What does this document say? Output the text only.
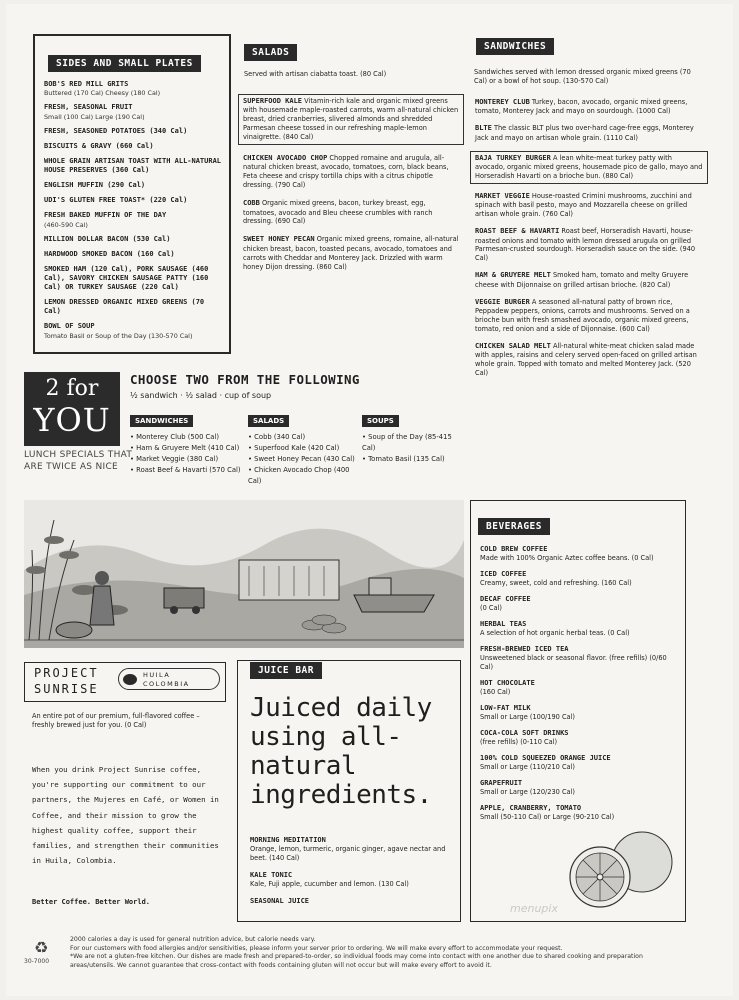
SIDES AND SMALL PLATES
BOB'S RED MILL GRITS
Buttered (170 Cal) Cheesy (180 Cal)
FRESH, SEASONAL FRUIT
Small (100 Cal) Large (190 Cal)
FRESH, SEASONED POTATOES (340 Cal)
BISCUITS & GRAVY (660 Cal)
WHOLE GRAIN ARTISAN TOAST WITH ALL-NATURAL HOUSE PRESERVES (360 Cal)
ENGLISH MUFFIN (290 Cal)
UDI'S GLUTEN FREE TOAST* (220 Cal)
FRESH BAKED MUFFIN OF THE DAY
(460-590 Cal)
MILLION DOLLAR BACON (530 Cal)
HARDWOOD SMOKED BACON (160 Cal)
SMOKED HAM (120 Cal), PORK SAUSAGE (460 Cal), SAVORY CHICKEN SAUSAGE PATTY (160 Cal) OR TURKEY SAUSAGE (220 Cal)
LEMON DRESSED ORGANIC MIXED GREENS (70 Cal)
BOWL OF SOUP
Tomato Basil or Soup of the Day (130-570 Cal)
SALADS
Served with artisan ciabatta toast. (80 Cal)
SUPERFOOD KALE Vitamin-rich kale and organic mixed greens with housemade maple-roasted carrots, warm all-natural chicken breast, dried cranberries, slivered almonds and shredded Parmesan cheese tossed in our refreshing maple-lemon vinaigrette. (840 Cal)
CHICKEN AVOCADO CHOP Chopped romaine and arugula, all-natural chicken breast, avocado, tomatoes, corn, black beans, Feta cheese and crispy tortilla chips with a citrus chipotle dressing. (790 Cal)
COBB Organic mixed greens, bacon, turkey breast, egg, tomatoes, avocado and Bleu cheese crumbles with ranch dressing. (690 Cal)
SWEET HONEY PECAN Organic mixed greens, romaine, all-natural chicken breast, bacon, toasted pecans, avocado, tomatoes and carrots with Cheddar and Monterey Jack. Drizzled with warm honey Dijon dressing. (860 Cal)
SANDWICHES
Sandwiches served with lemon dressed organic mixed greens (70 Cal) or a bowl of hot soup. (130-570 Cal)
MONTEREY CLUB Turkey, bacon, avocado, organic mixed greens, tomato, Monterey Jack and mayo on sourdough. (1000 Cal)
BLTE The classic BLT plus two over-hard cage-free eggs, Monterey Jack and mayo on artisan whole grain. (1110 Cal)
BAJA TURKEY BURGER A lean white-meat turkey patty with avocado, organic mixed greens, housemade pico de gallo, mayo and Horseradish Havarti on a brioche bun. (880 Cal)
MARKET VEGGIE House-roasted Crimini mushrooms, zucchini and spinach with basil pesto, mayo and Mozzarella cheese on grilled artisan whole grain. (760 Cal)
ROAST BEEF & HAVARTI Roast beef, Horseradish Havarti, house-roasted onions and tomato with lemon dressed arugula on grilled Parmesan-crusted sourdough. Horseradish sauce on the side. (940 Cal)
HAM & GRUYERE MELT Smoked ham, tomato and melty Gruyere cheese with Dijonnaise on grilled artisan brioche. (820 Cal)
VEGGIE BURGER A seasoned all-natural patty of brown rice, Peppadew peppers, onions, carrots and mushrooms. Served on a brioche bun with fresh smashed avocado, organic mixed greens, tomato, red onion and a side of Dijonnaise. (600 Cal)
CHICKEN SALAD MELT All-natural white-meat chicken salad made with apples, raisins and celery served open-faced on grilled artisan whole grain. Topped with tomato and melted Monterey Jack. (520 Cal)
2 for
YOU
LUNCH SPECIALS THAT ARE TWICE AS NICE
CHOOSE TWO FROM THE FOLLOWING
½ sandwich · ½ salad · cup of soup
SANDWICHES
• Monterey Club (500 Cal)
• Ham & Gruyere Melt (410 Cal)
• Market Veggie (380 Cal)
• Roast Beef & Havarti (570 Cal)
SALADS
• Cobb (340 Cal)
• Superfood Kale (420 Cal)
• Sweet Honey Pecan (430 Cal)
• Chicken Avocado Chop (400 Cal)
SOUPS
• Soup of the Day (85-415 Cal)
• Tomato Basil (135 Cal)
PROJECT
SUNRISE
HUILA
COLOMBIA
An entire pot of our premium, full-flavored coffee – freshly brewed just for you. (0 Cal)
When you drink Project Sunrise coffee, you're supporting our commitment to our partners, the Mujeres en Café, or Women in Coffee, and their mission to grow the highest quality coffee, support their families, and strengthen their communities in Huila, Colombia.
Better Coffee. Better World.
JUICE BAR
Juiced daily using all-natural ingredients.
MORNING MEDITATION
Orange, lemon, turmeric, organic ginger, agave nectar and beet. (140 Cal)
KALE TONIC
Kale, Fuji apple, cucumber and lemon. (130 Cal)
SEASONAL JUICE
BEVERAGES
COLD BREW COFFEE
Made with 100% Organic Aztec coffee beans. (0 Cal)
ICED COFFEE
Creamy, sweet, cold and refreshing. (160 Cal)
DECAF COFFEE
(0 Cal)
HERBAL TEAS
A selection of hot organic herbal teas. (0 Cal)
FRESH-BREWED ICED TEA
Unsweetened black or seasonal flavor. (free refills) (0/60 Cal)
HOT CHOCOLATE
(160 Cal)
LOW-FAT MILK
Small or Large (100/190 Cal)
COCA-COLA SOFT DRINKS
(free refills) (0-110 Cal)
100% COLD SQUEEZED ORANGE JUICE
Small or Large (110/210 Cal)
GRAPEFRUIT
Small or Large (120/230 Cal)
APPLE, CRANBERRY, TOMATO
Small (50-110 Cal) or Large (90-210 Cal)
♻
30-7000
2000 calories a day is used for general nutrition advice, but calorie needs vary.
For our customers with food allergies and/or sensitivities, please inform your server prior to ordering. We will make every effort to accommodate your request.
*We are not a gluten-free kitchen. Our dishes are made fresh and prepared-to-order, so individual foods may come into contact with one another due to shared cooking and preparation areas/utensils. We cannot guarantee that cross-contact with foods containing gluten will not occur but will make every effort to avoid it.
menupix
